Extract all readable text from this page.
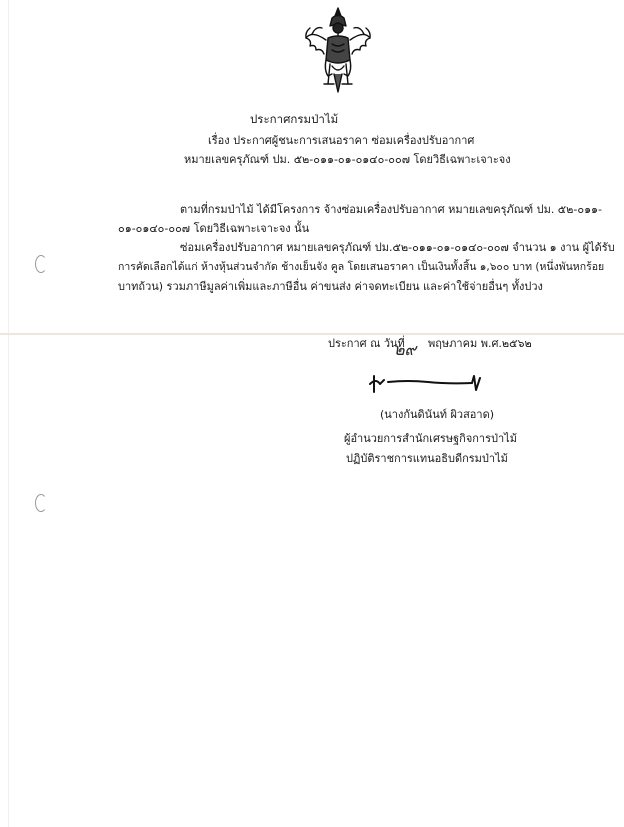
ประกาศกรมป่าไม้
เรื่อง ประกาศผู้ชนะการเสนอราคา ซ่อมเครื่องปรับอากาศ
หมายเลขครุภัณฑ์ ปม. ๕๒-๐๑๑-๐๑-๐๑๔๐-๐๐๗ โดยวิธีเฉพาะเจาะจง
ตามที่กรมป่าไม้ ได้มีโครงการ จ้างซ่อมเครื่องปรับอากาศ หมายเลขครุภัณฑ์ ปม. ๕๒-๐๑๑-
๐๑-๐๑๔๐-๐๐๗ โดยวิธีเฉพาะเจาะจง นั้น
ซ่อมเครื่องปรับอากาศ หมายเลขครุภัณฑ์ ปม.๕๒-๐๑๑-๐๑-๐๑๔๐-๐๐๗ จำนวน ๑ งาน ผู้ได้รับ
การคัดเลือกได้แก่ ห้างหุ้นส่วนจำกัด ช้างเย็นจัง คูล โดยเสนอราคา เป็นเงินทั้งสิ้น ๑,๖๐๐ บาท (หนึ่งพันหกร้อย
บาทถ้วน) รวมภาษีมูลค่าเพิ่มและภาษีอื่น ค่าขนส่ง ค่าจดทะเบียน และค่าใช้จ่ายอื่นๆ ทั้งปวง
ประกาศ ณ วันที่
๒๙ พฤษภาคม พ.ศ.๒๕๖๒
(นางกันดินันท์ ผิวสอาด)
ผู้อำนวยการสำนักเศรษฐกิจการป่าไม้
ปฏิบัติราชการแทนอธิบดีกรมป่าไม้
